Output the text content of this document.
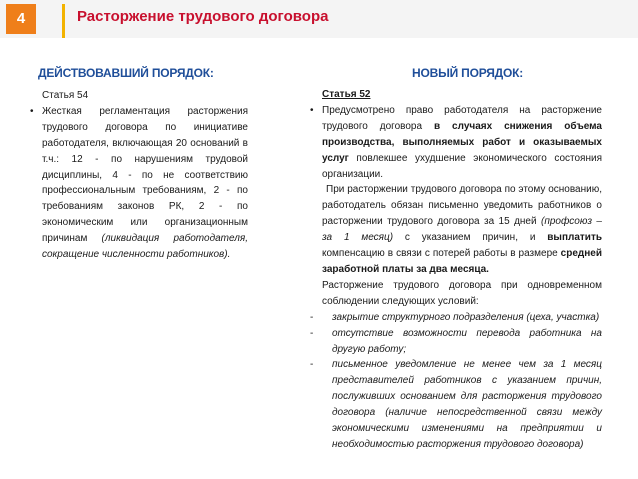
4	Расторжение трудового договора
ДЕЙСТВОВАВШИЙ ПОРЯДОК:	НОВЫЙ ПОРЯДОК:
Статья 54
• Жесткая регламентация расторжения трудового договора по инициативе работодателя, включающая 20 оснований в т.ч.: 12 - по нарушениям трудовой дисциплины, 4 - по не соответствию профессиональным требованиям, 2 - по требованиям законов РК, 2 - по экономическим или организационным причинам (ликвидация работодателя, сокращение численности работников).
Статья 52
• Предусмотрено право работодателя на расторжение трудового договора в случаях снижения объема производства, выполняемых работ и оказываемых услуг повлекшее ухудшение экономического состояния организации.
При расторжении трудового договора по этому основанию, работодатель обязан письменно уведомить работников о расторжении трудового договора за 15 дней (профсоюз – за 1 месяц) с указанием причин, и выплатить компенсацию в связи с потерей работы в размере средней заработной платы за два месяца.
Расторжение трудового договора при одновременном соблюдении следующих условий:
-	закрытие структурного подразделения (цеха, участка)
-	отсутствие возможности перевода работника на другую работу;
-	письменное уведомление не менее чем за 1 месяц представителей работников с указанием причин, послуживших основанием для расторжения трудового договора (наличие непосредственной связи между экономическими изменениями на предприятии и необходимостью расторжения трудового договора)
